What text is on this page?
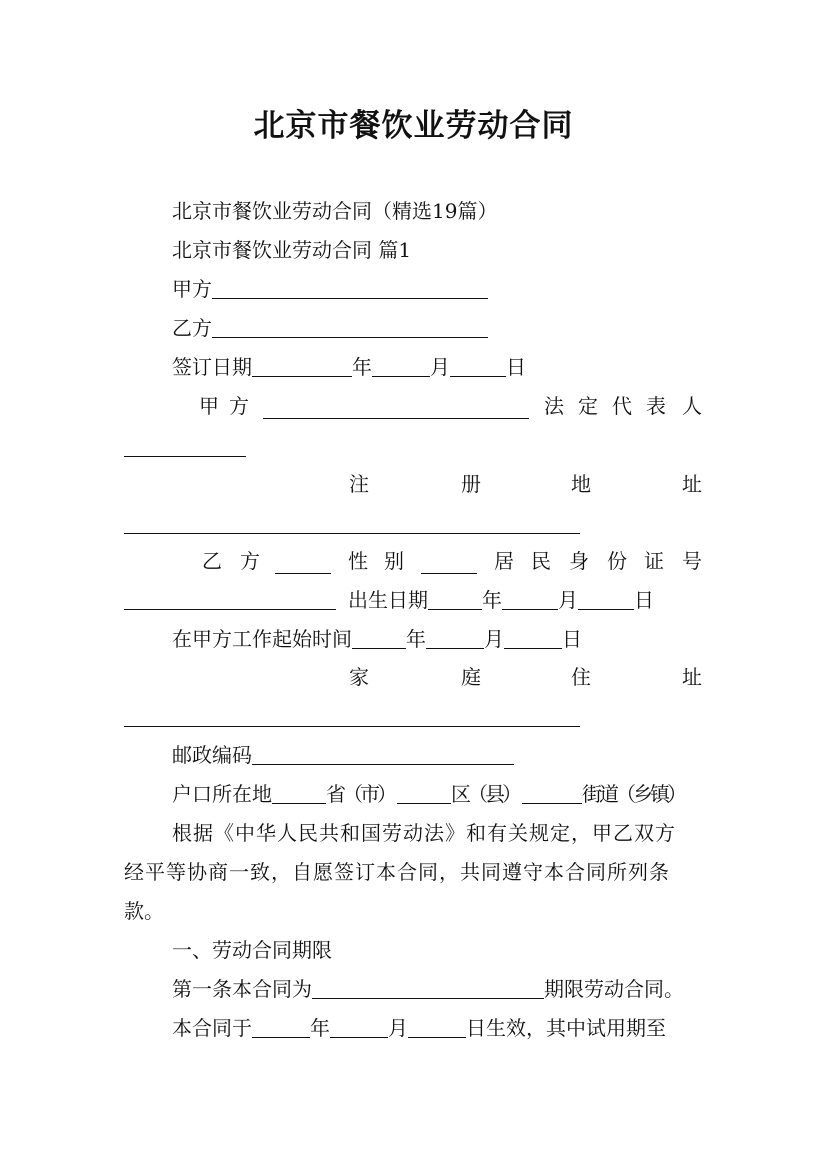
北京市餐饮业劳动合同
北京市餐饮业劳动合同（精选19篇）
北京市餐饮业劳动合同 篇1
甲方
乙方
签订日期	年	月	日
甲 方	法 定 代 表 人
注	册	地	址
乙 方	性 别	居 民 身 份 证 号
出生日期	年	月	日
在甲方工作起始时间	年	月	日
家	庭	住	址
邮政编码
户口所在地	省（市）	区（县）	街道（乡镇）
根据《中华人民共和国劳动法》和有关规定，甲乙双方
经平等协商一致，自愿签订本合同，共同遵守本合同所列条
款。
一、劳动合同期限
第一条本合同为	期限劳动合同。
本合同于	年	月	日生效，其中试用期至
